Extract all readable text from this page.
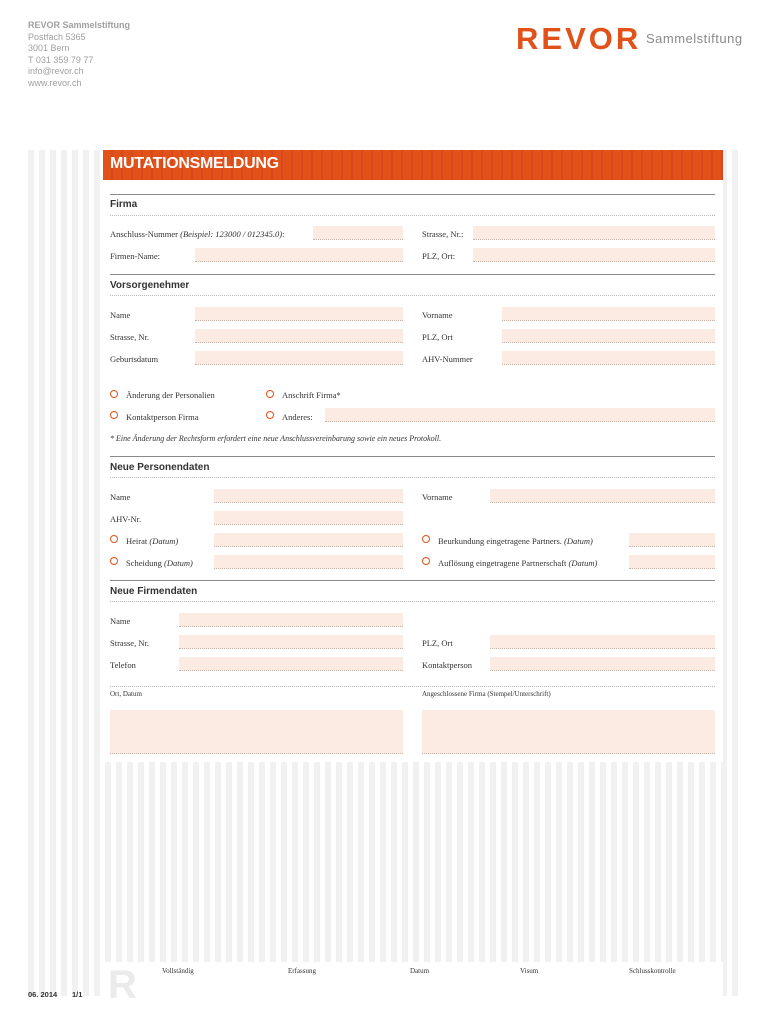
REVOR Sammelstiftung
Postfach 5365
3001 Bern
T 031 359 79 77
info@revor.ch
www.revor.ch
REVOR Sammelstiftung
MUTATIONSMELDUNG
Firma
Anschluss-Nummer (Beispiel: 123000 / 012345.0):	Strasse, Nr.:
Firmen-Name:	PLZ, Ort:
Vorsorgenehmer
Name	Vorname
Strasse, Nr.	PLZ, Ort
Geburtsdatum	AHV-Nummer
Änderung der Personalien	Anschrift Firma*
Kontaktperson Firma	Anderes:
* Eine Änderung der Rechtsform erfordert eine neue Anschlussvereinbarung sowie ein neues Protokoll.
Neue Personendaten
Name	Vorname
AHV-Nr.
Heirat (Datum)	Beurkundung eingetragene Partners. (Datum)
Scheidung (Datum)	Auflösung eingetragene Partnerschaft (Datum)
Neue Firmendaten
Name
Strasse, Nr.	PLZ, Ort
Telefon	Kontaktperson
Ort, Datum	Angeschlossene Firma (Stempel/Unterschrift)
R	Vollständig	Erfassung	Datum	Visum	Schlusskontrolle
06. 2014 1/1
